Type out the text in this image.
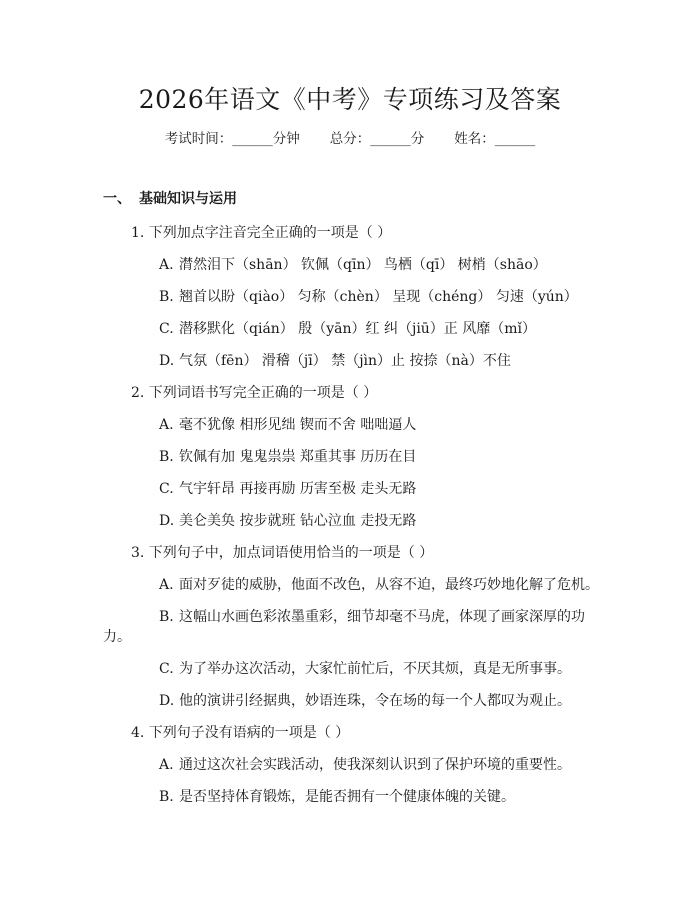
2026年语文《中考》专项练习及答案
考试时间：______分钟 总分：______分 姓名：______
一、 基础知识与运用
1. 下列加点字注音完全正确的一项是（ ）
A. 潸然泪下（shān） 钦佩（qīn） 鸟栖（qī） 树梢（shāo）
B. 翘首以盼（qiào） 匀称（chèn） 呈现（chéng） 匀速（yún）
C. 潜移默化（qián） 殷（yān）红 纠（jiū）正 风靡（mǐ）
D. 气氛（fēn） 滑稽（jī） 禁（jìn）止 按捺（nà）不住
2. 下列词语书写完全正确的一项是（ ）
A. 毫不犹像 相形见绌 锲而不舍 咄咄逼人
B. 钦佩有加 鬼鬼祟祟 郑重其事 历历在目
C. 气宇轩昂 再接再励 历害至极 走头无路
D. 美仑美奂 按步就班 钻心泣血 走投无路
3. 下列句子中，加点词语使用恰当的一项是（ ）
A. 面对歹徒的威胁，他面不改色，从容不迫，最终巧妙地化解了危机。
B. 这幅山水画色彩浓墨重彩，细节却毫不马虎，体现了画家深厚的功
力。
C. 为了举办这次活动，大家忙前忙后，不厌其烦，真是无所事事。
D. 他的演讲引经据典，妙语连珠，令在场的每一个人都叹为观止。
4. 下列句子没有语病的一项是（ ）
A. 通过这次社会实践活动，使我深刻认识到了保护环境的重要性。
B. 是否坚持体育锻炼，是能否拥有一个健康体魄的关键。
